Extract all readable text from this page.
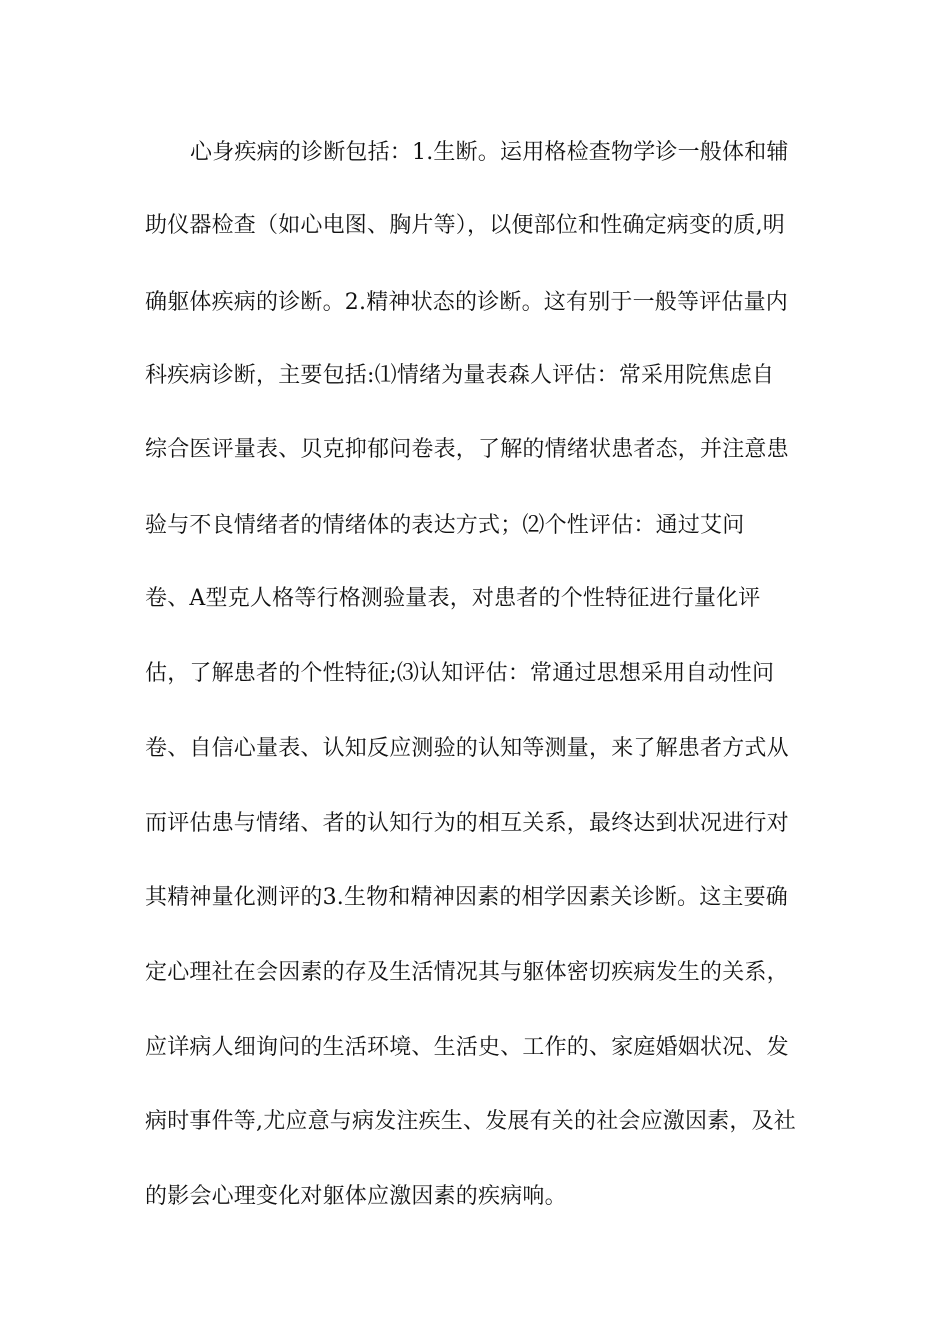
心身疾病的诊断包括：1.生断。运用格检查物学诊一般体和辅
助仪器检查（如心电图、胸片等），以便部位和性确定病变的质,明
确躯体疾病的诊断。2.精神状态的诊断。这有别于一般等评估量内
科疾病诊断，主要包括:⑴情绪为量表森人评估：常采用院焦虑自
综合医评量表、贝克抑郁问卷表，了解的情绪状患者态，并注意患
验与不良情绪者的情绪体的表达方式；⑵个性评估：通过艾问
卷、A型克人格等行格测验量表，对患者的个性特征进行量化评
估，了解患者的个性特征;⑶认知评估：常通过思想采用自动性问
卷、自信心量表、认知反应测验的认知等测量，来了解患者方式从
而评估患与情绪、者的认知行为的相互关系，最终达到状况进行对
其精神量化测评的3.生物和精神因素的相学因素关诊断。这主要确
定心理社在会因素的存及生活情况其与躯体密切疾病发生的关系，
应详病人细询问的生活环境、生活史、工作的、家庭婚姻状况、发
病时事件等,尤应意与病发注疾生、发展有关的社会应激因素，及社
的影会心理变化对躯体应激因素的疾病响。
